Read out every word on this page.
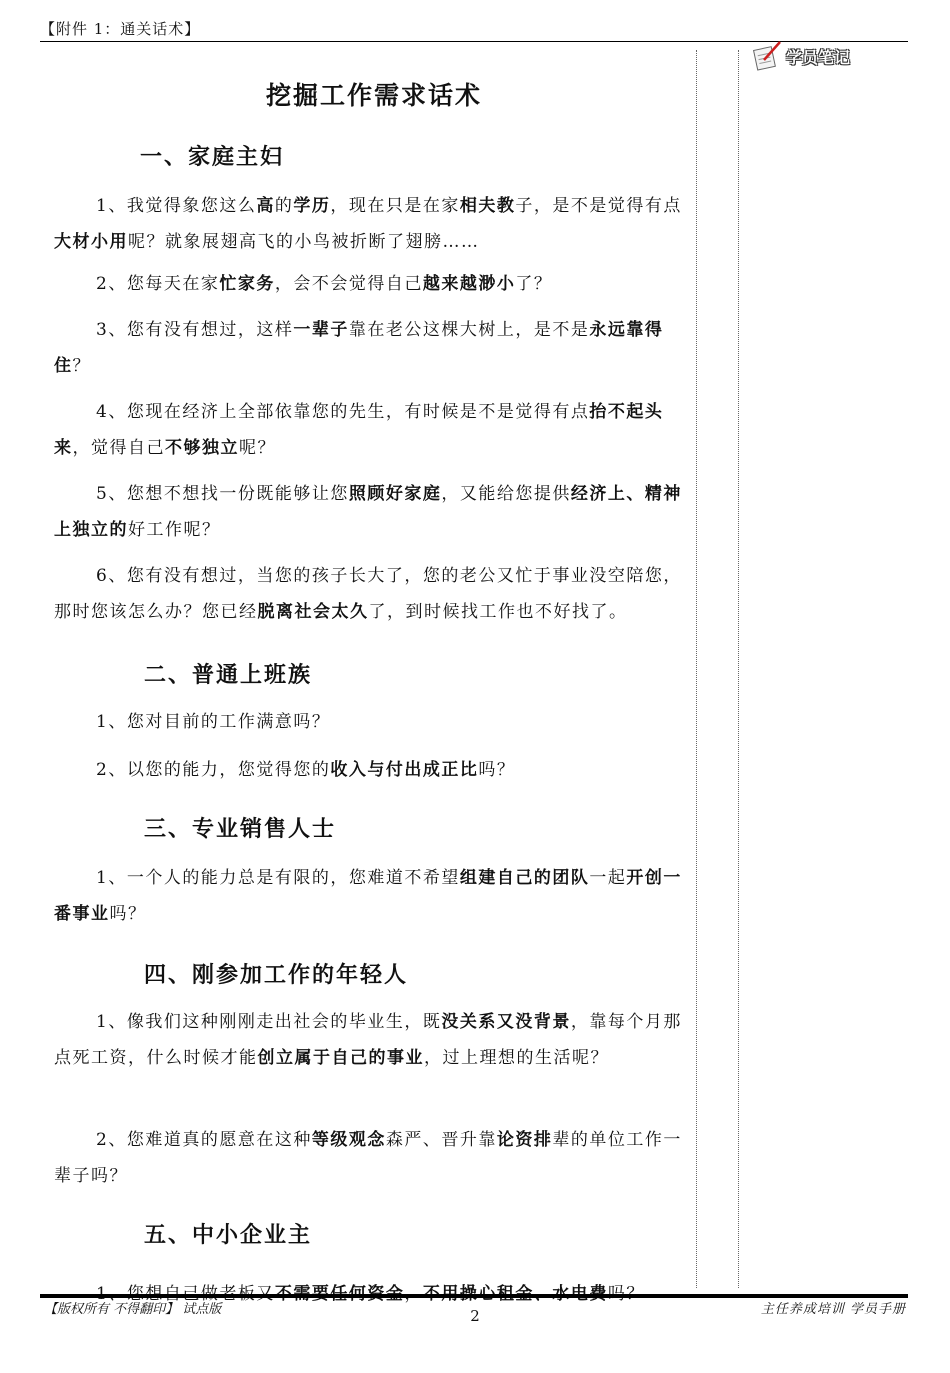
【附件 1：通关话术】
挖掘工作需求话术
一、家庭主妇
1、我觉得象您这么高的学历，现在只是在家相夫教子，是不是觉得有点大材小用呢？就象展翅高飞的小鸟被折断了翅膀……
2、您每天在家忙家务，会不会觉得自己越来越渺小了？
3、您有没有想过，这样一辈子靠在老公这棵大树上，是不是永远靠得住？
4、您现在经济上全部依靠您的先生，有时候是不是觉得有点抬不起头来，觉得自己不够独立呢？
5、您想不想找一份既能够让您照顾好家庭，又能给您提供经济上、精神上独立的好工作呢？
6、您有没有想过，当您的孩子长大了，您的老公又忙于事业没空陪您，那时您该怎么办？您已经脱离社会太久了，到时候找工作也不好找了。
二、普通上班族
1、您对目前的工作满意吗？
2、以您的能力，您觉得您的收入与付出成正比吗？
三、专业销售人士
1、一个人的能力总是有限的，您难道不希望组建自己的团队一起开创一番事业吗？
四、刚参加工作的年轻人
1、像我们这种刚刚走出社会的毕业生，既没关系又没背景，靠每个月那点死工资，什么时候才能创立属于自己的事业，过上理想的生活呢？
2、您难道真的愿意在这种等级观念森严、晋升靠论资排辈的单位工作一辈子吗？
五、中小企业主
1、您想自己做老板又不需要任何资金，不用操心租金、水电费吗？
学员笔记
【版权所有 不得翻印】 试点版	2	主任养成培训 学员手册
